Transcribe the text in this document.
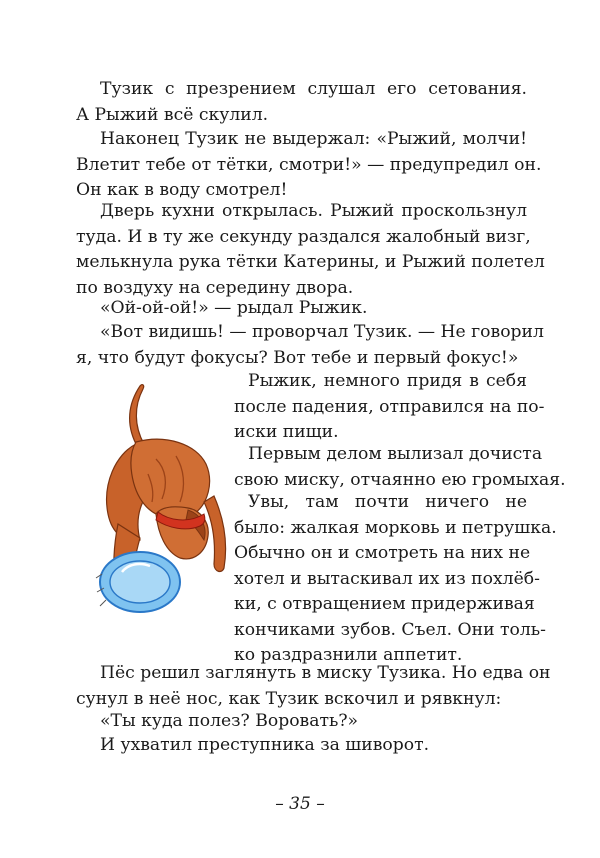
Тузик с презрением слушал его сетования.
А Рыжий всё скулил.
Наконец Тузик не выдержал: «Рыжий, молчи!
Влетит тебе от тётки, смотри!» — предупредил он.
Он как в воду смотрел!
Дверь кухни открылась. Рыжий проскользнул
туда. И в ту же секунду раздался жалобный визг,
мелькнула рука тётки Катерины, и Рыжий полетел
по воздуху на середину двора.
«Ой-ой-ой!» — рыдал Рыжик.
«Вот видишь! — проворчал Тузик. — Не говорил
я, что будут фокусы? Вот тебе и первый фокус!»
Рыжик, немного придя в себя
после падения, отправился на по-
иски пищи.
Первым делом вылизал дочиста
свою миску, отчаянно ею громыхая.
Увы, там почти ничего не
было: жалкая морковь и петрушка.
Обычно он и смотреть на них не
хотел и вытаскивал их из похлёб-
ки, с отвращением придерживая
кончиками зубов. Съел. Они толь-
ко раздразнили аппетит.
Пёс решил заглянуть в миску Тузика. Но едва он
сунул в неё нос, как Тузик вскочил и рявкнул:
«Ты куда полез? Воровать?»
И ухватил преступника за шиворот.
– 35 –
